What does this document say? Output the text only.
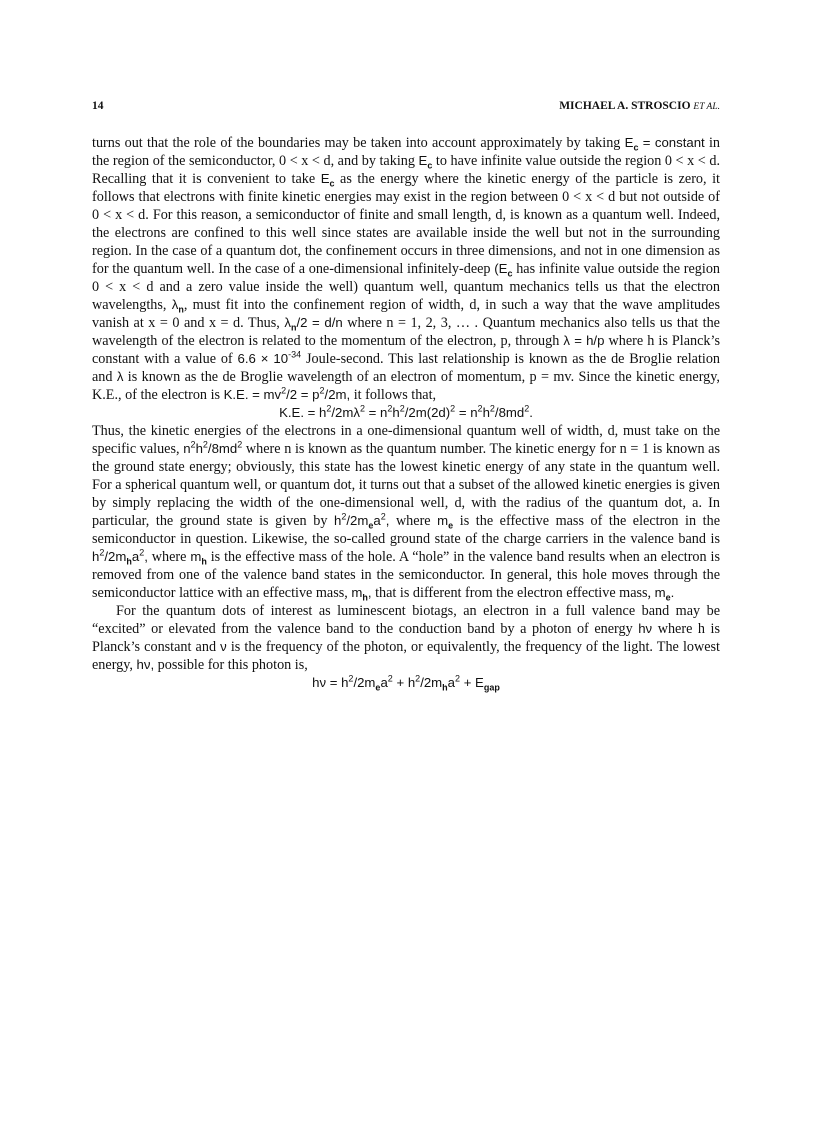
14	MICHAEL A. STROSCIO ET AL.

turns out that the role of the boundaries may be taken into account approximately by taking $E_c$ = constant in the region of the semiconductor, 0 < x < d, and by taking $E_c$ to have infinite value outside the region 0 < x < d. Recalling that it is convenient to take $E_c$ as the energy where the kinetic energy of the particle is zero, it follows that electrons with finite kinetic energies may exist in the region between 0 < x < d but not outside of 0 < x < d. For this reason, a semiconductor of finite and small length, d, is known as a quantum well. Indeed, the electrons are confined to this well since states are available inside the well but not in the surrounding region. In the case of a quantum dot, the confinement occurs in three dimensions, and not in one dimension as for the quantum well. In the case of a one-dimensional infinitely-deep ($E_c$ has infinite value outside the region 0 < x < d and a zero value inside the well) quantum well, quantum mechanics tells us that the electron wavelengths, $\lambda_n$, must fit into the confinement region of width, d, in such a way that the wave amplitudes vanish at x = 0 and x = d. Thus, $\lambda_n/2 = d/n$ where n = 1, 2, 3, … . Quantum mechanics also tells us that the wavelength of the electron is related to the momentum of the electron, p, through λ = h/p where h is Planck’s constant with a value of $6.6 \times 10^{-34}$ Joule-second. This last relationship is known as the de Broglie relation and λ is known as the de Broglie wavelength of an electron of momentum, p = mv. Since the kinetic energy, K.E., of the electron is K.E. = $mv^2/2 = p^2/2m$, it follows that,

K.E. = $h^2/2m\lambda^2 = n^2h^2/2m(2d)^2 = n^2h^2/8md^2$.

Thus, the kinetic energies of the electrons in a one-dimensional quantum well of width, d, must take on the specific values, $n^2h^2/8md^2$ where n is known as the quantum number. The kinetic energy for n = 1 is known as the ground state energy; obviously, this state has the lowest kinetic energy of any state in the quantum well. For a spherical quantum well, or quantum dot, it turns out that a subset of the allowed kinetic energies is given by simply replacing the width of the one-dimensional well, d, with the radius of the quantum dot, a. In particular, the ground state is given by $h^2/2m_ea^2$, where $m_e$ is the effective mass of the electron in the semiconductor in question. Likewise, the so-called ground state of the charge carriers in the valence band is $h^2/2m_ha^2$, where $m_h$ is the effective mass of the hole. A “hole” in the valence band results when an electron is removed from one of the valence band states in the semiconductor. In general, this hole moves through the semiconductor lattice with an effective mass, $m_h$, that is different from the electron effective mass, $m_e$.

For the quantum dots of interest as luminescent biotags, an electron in a full valence band may be “excited” or elevated from the valence band to the conduction band by a photon of energy hν where h is Planck’s constant and ν is the frequency of the photon, or equivalently, the frequency of the light. The lowest energy, hν, possible for this photon is,

$h\nu = h^2/2m_ea^2 + h^2/2m_ha^2 + E_{gap}$
